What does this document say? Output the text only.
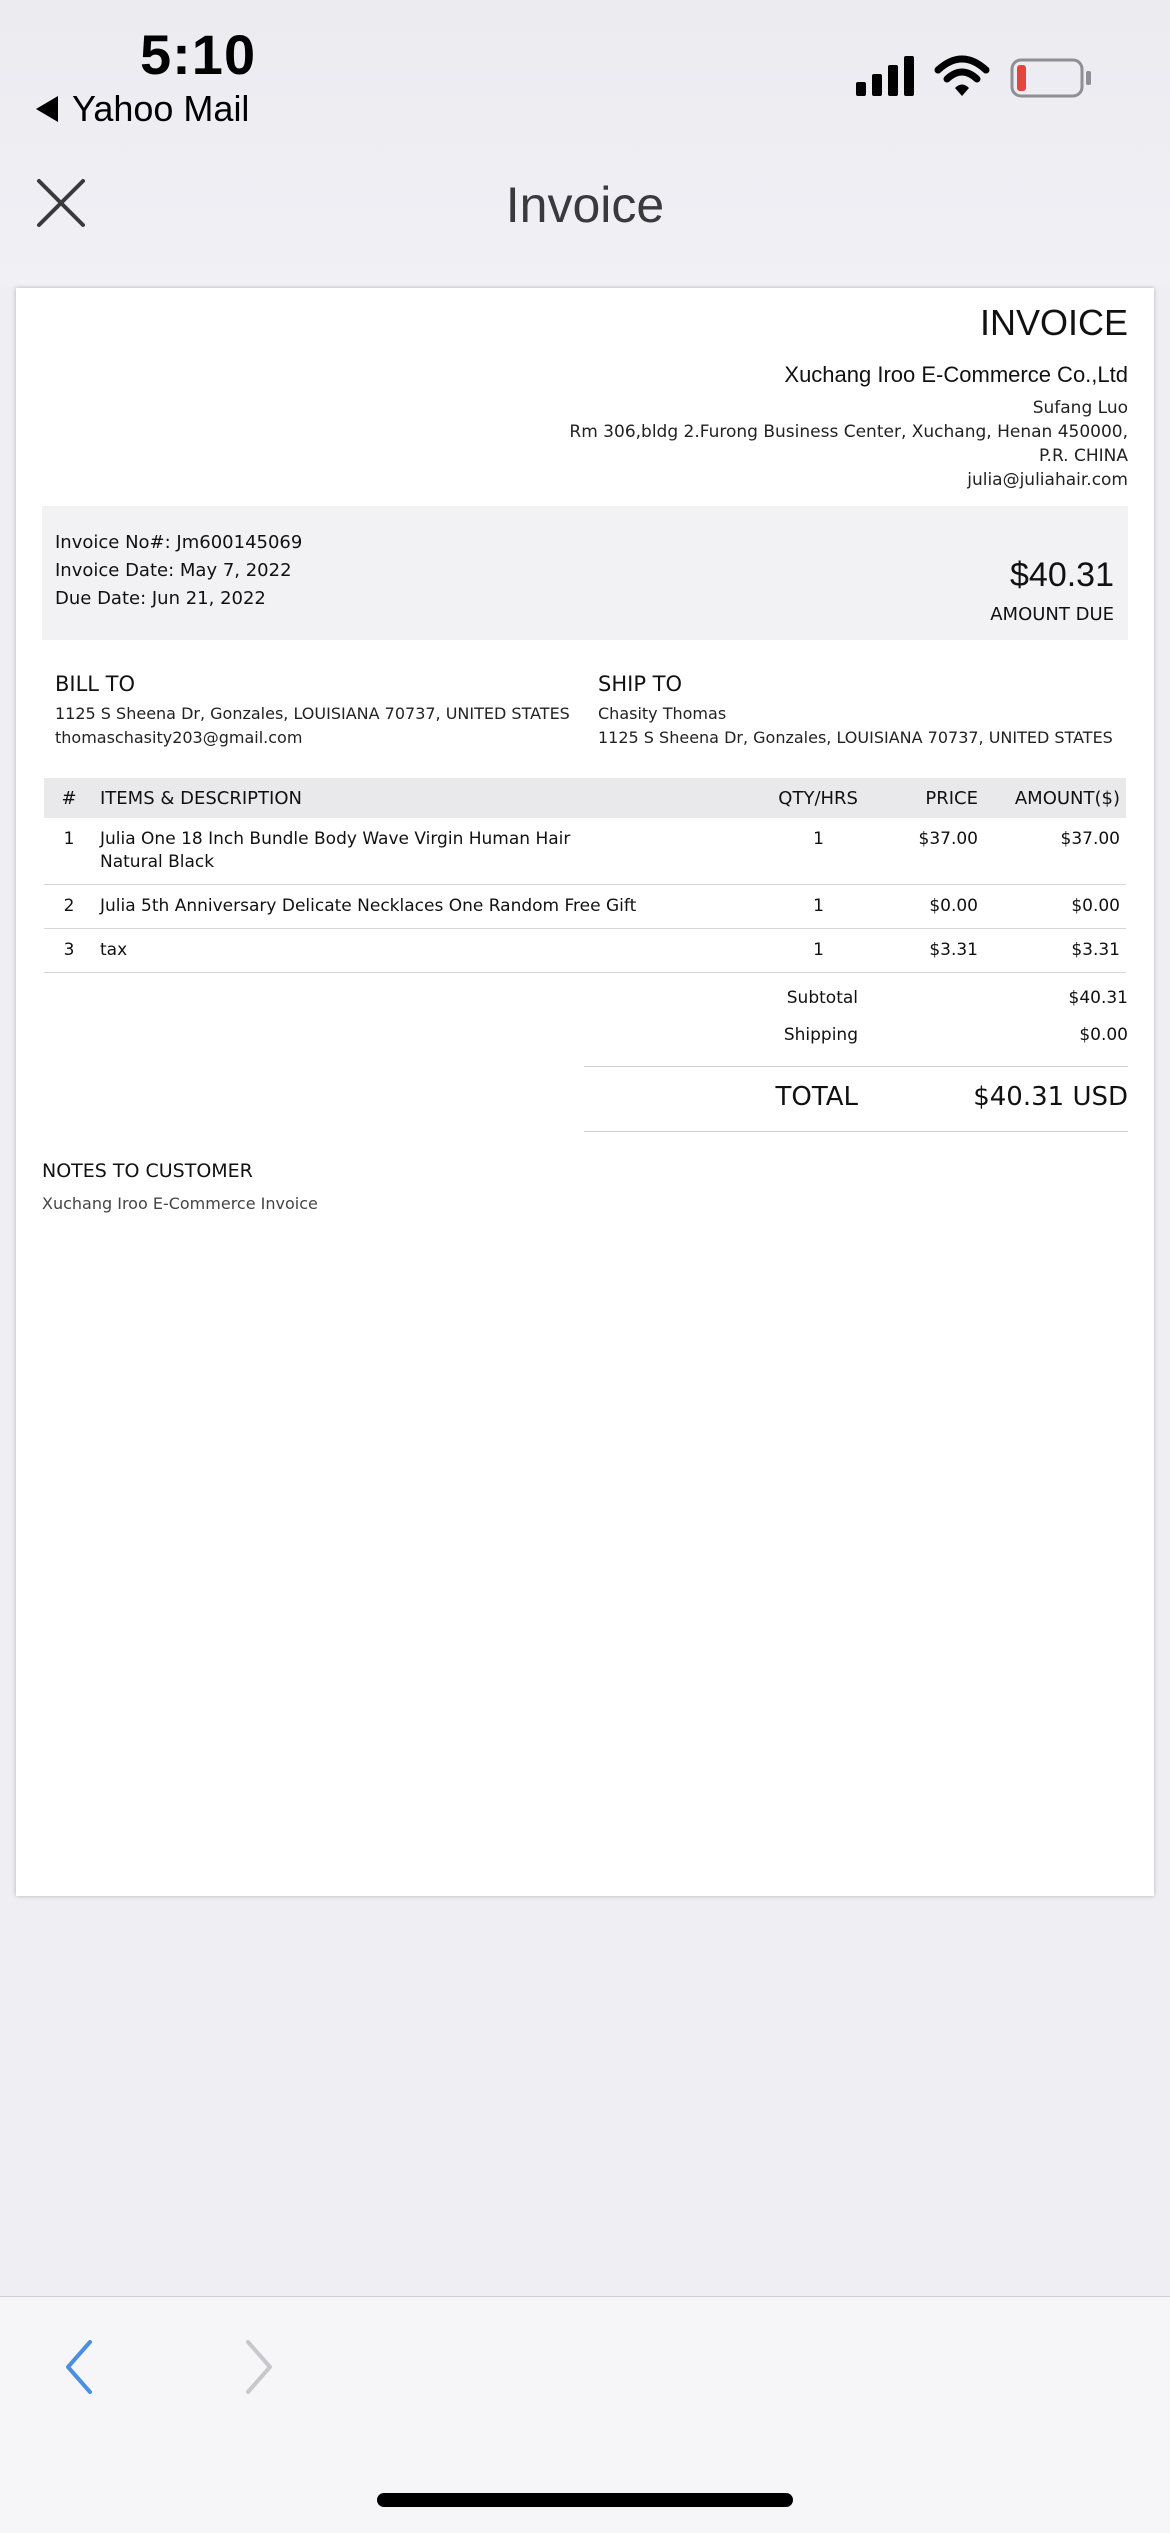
5:10
Yahoo Mail
Invoice
INVOICE
Xuchang Iroo E-Commerce Co.,Ltd
Sufang Luo
Rm 306,bldg 2.Furong Business Center, Xuchang, Henan 450000,
P.R. CHINA
julia@juliahair.com
Invoice No#: Jm600145069
Invoice Date: May 7, 2022
Due Date: Jun 21, 2022
$40.31
AMOUNT DUE
BILL TO
1125 S Sheena Dr, Gonzales, LOUISIANA 70737, UNITED STATES
thomaschasity203@gmail.com
SHIP TO
Chasity Thomas
1125 S Sheena Dr, Gonzales, LOUISIANA 70737, UNITED STATES
#	ITEMS & DESCRIPTION	QTY/HRS	PRICE	AMOUNT($)
1	Julia One 18 Inch Bundle Body Wave Virgin Human Hair Natural Black	1	$37.00	$37.00
2	Julia 5th Anniversary Delicate Necklaces One Random Free Gift	1	$0.00	$0.00
3	tax	1	$3.31	$3.31
Subtotal	$40.31
Shipping	$0.00
TOTAL	$40.31 USD
NOTES TO CUSTOMER
Xuchang Iroo E-Commerce Invoice
